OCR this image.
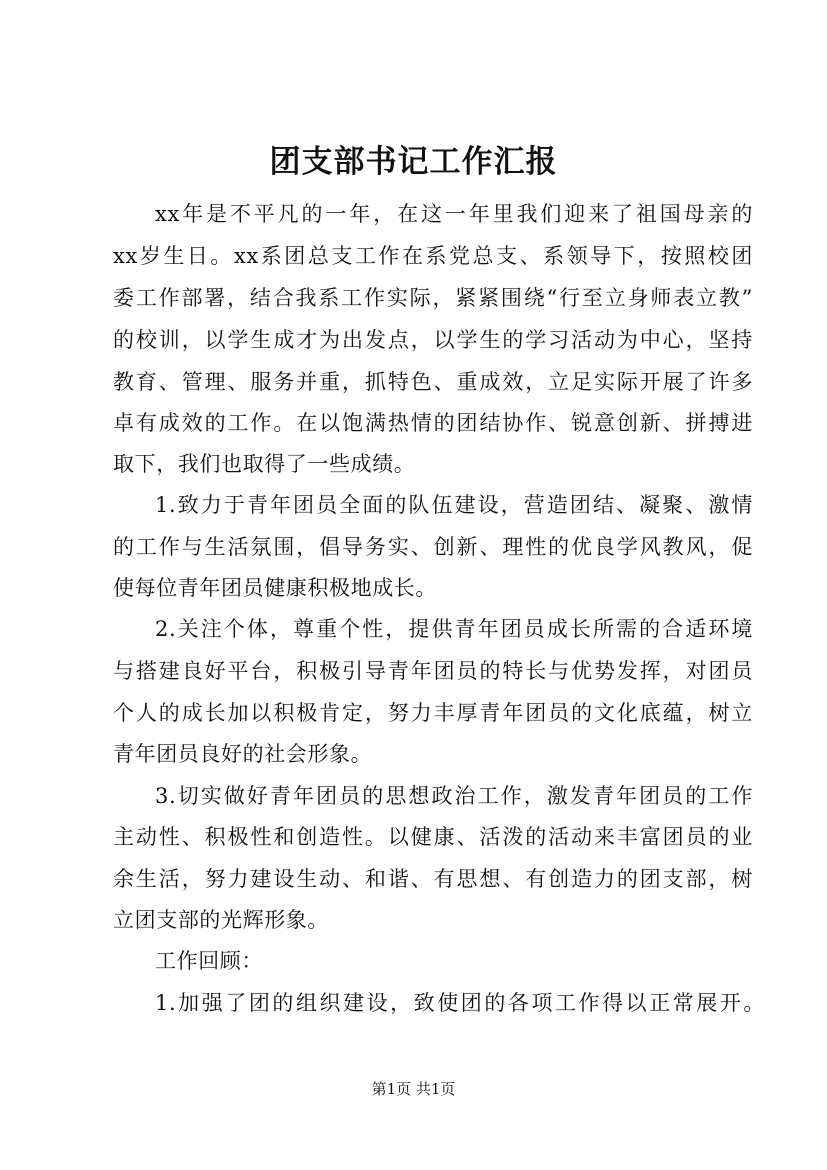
团支部书记工作汇报
xx年是不平凡的一年，在这一年里我们迎来了祖国母亲的
xx岁生日。xx系团总支工作在系党总支、系领导下，按照校团
委工作部署，结合我系工作实际，紧紧围绕“行至立身师表立教”
的校训，以学生成才为出发点，以学生的学习活动为中心，坚持
教育、管理、服务并重，抓特色、重成效，立足实际开展了许多
卓有成效的工作。在以饱满热情的团结协作、锐意创新、拼搏进
取下，我们也取得了一些成绩。
1.致力于青年团员全面的队伍建设，营造团结、凝聚、激情
的工作与生活氛围，倡导务实、创新、理性的优良学风教风，促
使每位青年团员健康积极地成长。
2.关注个体，尊重个性，提供青年团员成长所需的合适环境
与搭建良好平台，积极引导青年团员的特长与优势发挥，对团员
个人的成长加以积极肯定，努力丰厚青年团员的文化底蕴，树立
青年团员良好的社会形象。
3.切实做好青年团员的思想政治工作，激发青年团员的工作
主动性、积极性和创造性。以健康、活泼的活动来丰富团员的业
余生活，努力建设生动、和谐、有思想、有创造力的团支部，树
立团支部的光辉形象。
工作回顾：
1.加强了团的组织建设，致使团的各项工作得以正常展开。
第1页 共1页
